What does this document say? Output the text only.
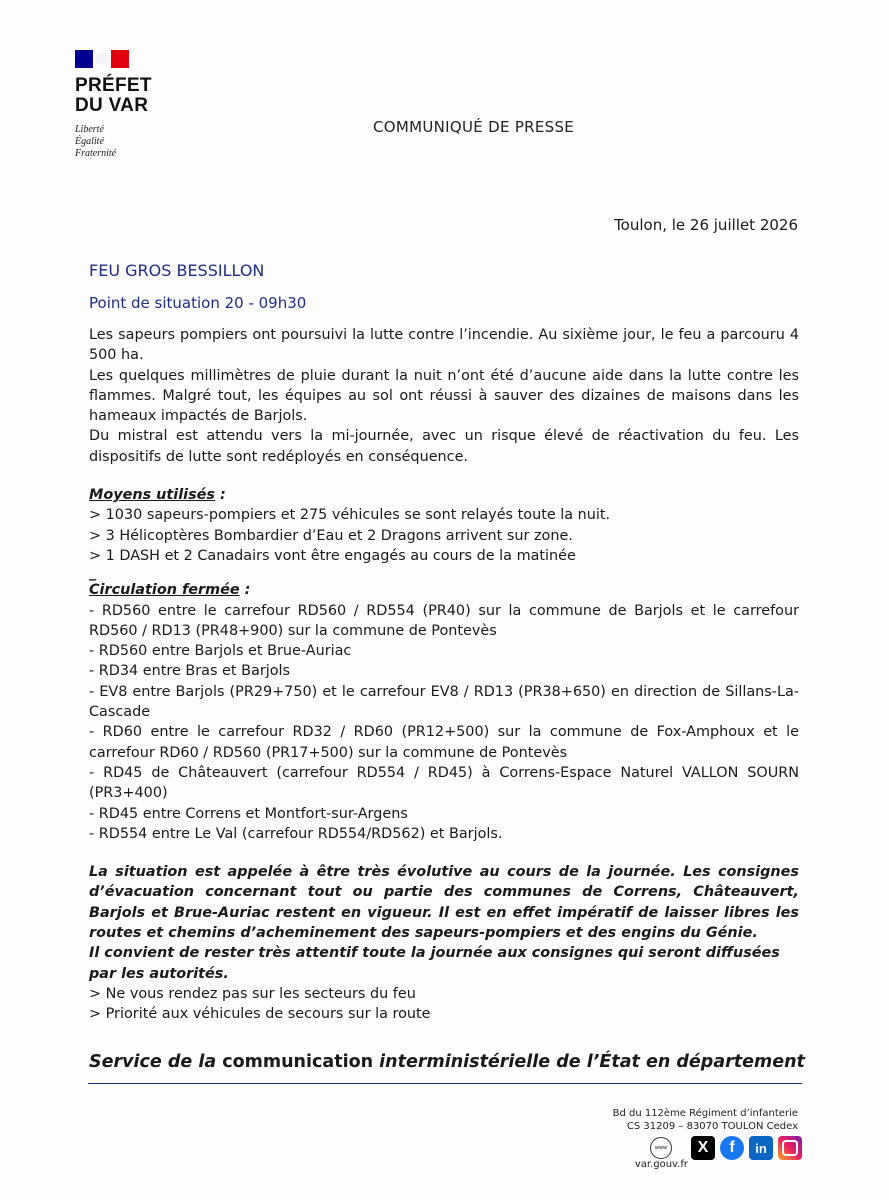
PRÉFET
DU VAR
Liberté
Égalité
Fraternité
COMMUNIQUÉ DE PRESSE
Toulon, le 26 juillet 2026
FEU GROS BESSILLON
Point de situation 20 - 09h30

Les sapeurs pompiers ont poursuivi la lutte contre l’incendie. Au sixième jour, le feu a parcouru 4 500 ha.

Les quelques millimètres de pluie durant la nuit n’ont été d’aucune aide dans la lutte contre les flammes. Malgré tout, les équipes au sol ont réussi à sauver des dizaines de maisons dans les hameaux impactés de Barjols.

Du mistral est attendu vers la mi-journée, avec un risque élevé de réactivation du feu. Les dispositifs de lutte sont redéployés en conséquence.

Moyens utilisés :

> 1030 sapeurs-pompiers et 275 véhicules se sont relayés toute la nuit.

> 3 Hélicoptères Bombardier d’Eau et 2 Dragons arrivent sur zone.

> 1 DASH et 2 Canadairs vont être engagés au cours de la matinée

_

Circulation fermée :

- RD560 entre le carrefour RD560 / RD554 (PR40) sur la commune de Barjols et le carrefour RD560 / RD13 (PR48+900) sur la commune de Pontevès

- RD560 entre Barjols et Brue-Auriac

- RD34 entre Bras et Barjols

- EV8 entre Barjols (PR29+750) et le carrefour EV8 / RD13 (PR38+650) en direction de Sillans-La-Cascade

- RD60 entre le carrefour RD32 / RD60 (PR12+500) sur la commune de Fox-Amphoux et le carrefour RD60 / RD560 (PR17+500) sur la commune de Pontevès

- RD45 de Châteauvert (carrefour RD554 / RD45) à Correns-Espace Naturel VALLON SOURN (PR3+400)

- RD45 entre Correns et Montfort-sur-Argens

- RD554 entre Le Val (carrefour RD554/RD562) et Barjols.

La situation est appelée à être très évolutive au cours de la journée. Les consignes d’évacuation concernant tout ou partie des communes de Correns, Châteauvert, Barjols et Brue-Auriac restent en vigueur. Il est en effet impératif de laisser libres les routes et chemins d’acheminement des sapeurs-pompiers et des engins du Génie.

Il convient de rester très attentif toute la journée aux consignes qui seront diffusées par les autorités.

> Ne vous rendez pas sur les secteurs du feu

> Priorité aux véhicules de secours sur la route

Service de la communication interministérielle de l’État en département
Bd du 112ème Régiment d’infanterie
CS 31209 – 83070 TOULON Cedex
www	X	f	in
var.gouv.fr
